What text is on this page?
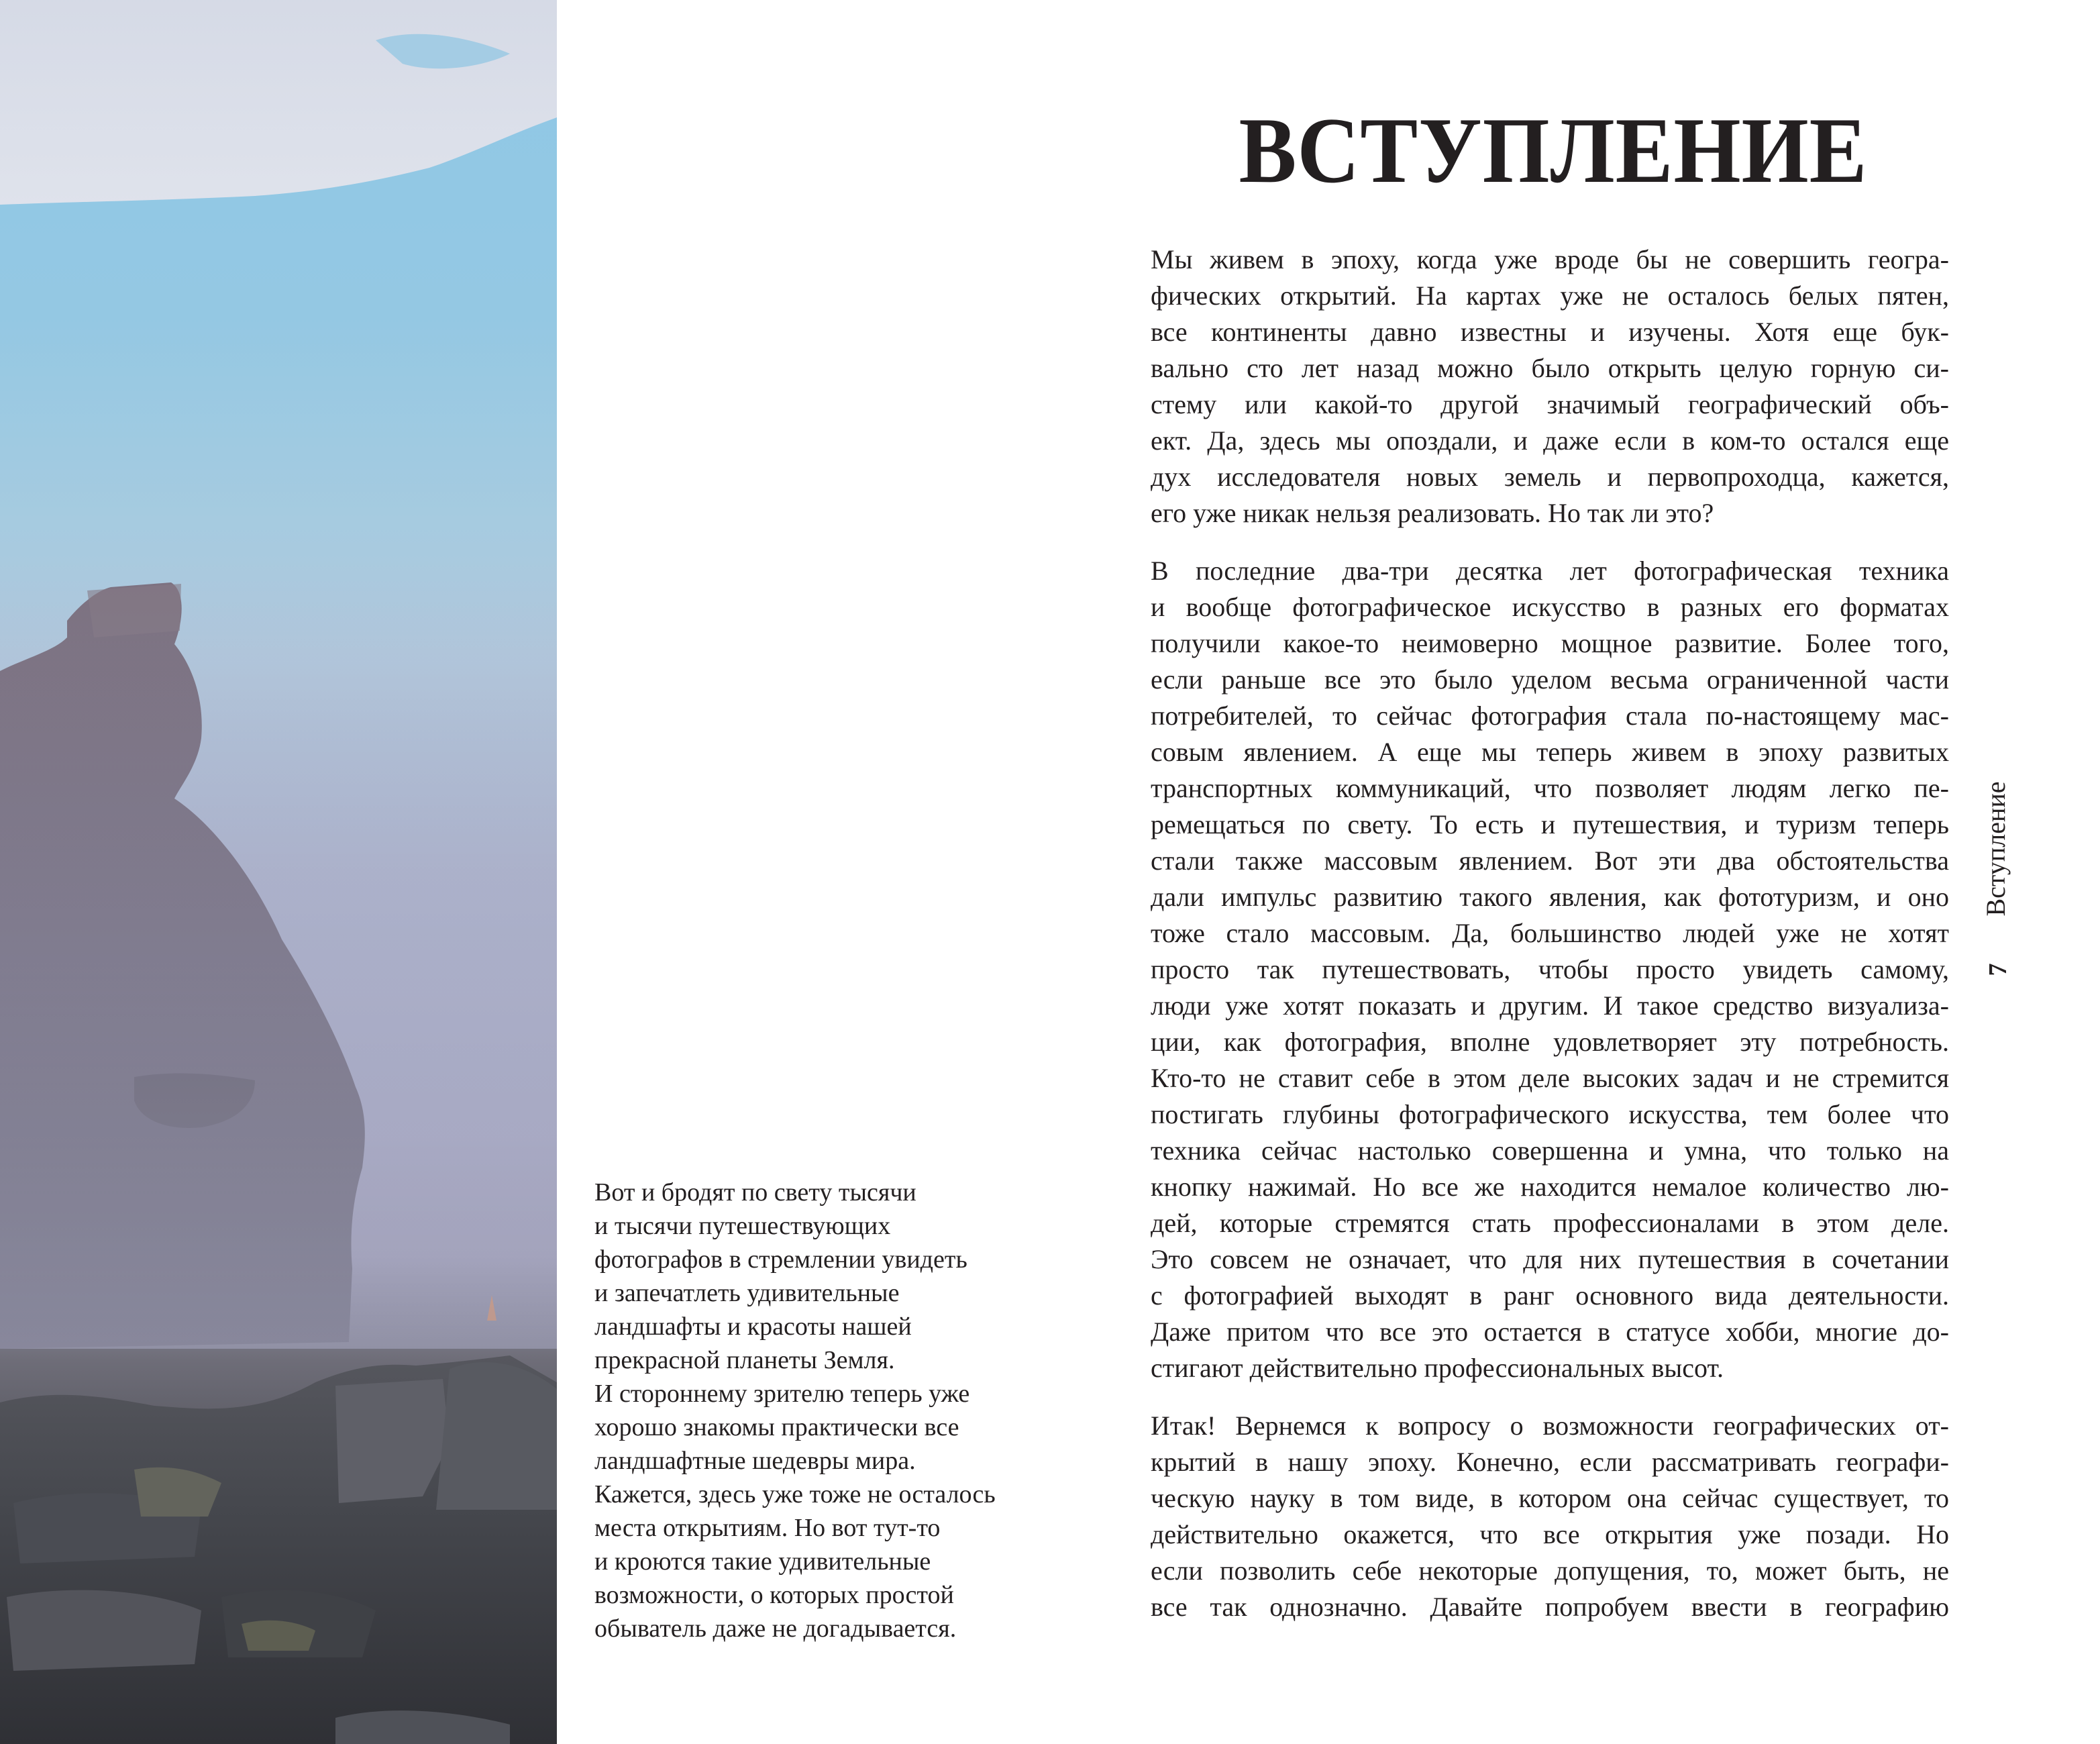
Вот и бродят по свету тысячи
и тысячи путешествующих
фотографов в стремлении увидеть
и запечатлеть удивительные
ландшафты и красоты нашей
прекрасной планеты Земля.
И стороннему зрителю теперь уже
хорошо знакомы практически все
ландшафтные шедевры мира.
Кажется, здесь уже тоже не осталось
места открытиям. Но вот тут-то
и кроются такие удивительные
возможности, о которых простой
обыватель даже не догадывается.
ВСТУПЛЕНИЕ

Мы живем в эпоху, когда уже вроде бы не совершить геогра-
фических открытий. На картах уже не осталось белых пятен,
все континенты давно известны и изучены. Хотя еще бук-
вально сто лет назад можно было открыть целую горную си-
стему или какой-то другой значимый географический объ-
ект. Да, здесь мы опоздали, и даже если в ком-то остался еще
дух исследователя новых земель и первопроходца, кажется,
его уже никак нельзя реализовать. Но так ли это?

В последние два-три десятка лет фотографическая техника
и вообще фотографическое искусство в разных его форматах
получили какое-то неимоверно мощное развитие. Более того,
если раньше все это было уделом весьма ограниченной части
потребителей, то сейчас фотография стала по-настоящему мас-
совым явлением. А еще мы теперь живем в эпоху развитых
транспортных коммуникаций, что позволяет людям легко пе-
ремещаться по свету. То есть и путешествия, и туризм теперь
стали также массовым явлением. Вот эти два обстоятельства
дали импульс развитию такого явления, как фототуризм, и оно
тоже стало массовым. Да, большинство людей уже не хотят
просто так путешествовать, чтобы просто увидеть самому,
люди уже хотят показать и другим. И такое средство визуализа-
ции, как фотография, вполне удовлетворяет эту потребность.
Кто-то не ставит себе в этом деле высоких задач и не стремится
постигать глубины фотографического искусства, тем более что
техника сейчас настолько совершенна и умна, что только на
кнопку нажимай. Но все же находится немалое количество лю-
дей, которые стремятся стать профессионалами в этом деле.
Это совсем не означает, что для них путешествия в сочетании
с фотографией выходят в ранг основного вида деятельности.
Даже притом что все это остается в статусе хобби, многие до-
стигают действительно профессиональных высот.

Итак! Вернемся к вопросу о возможности географических от-
крытий в нашу эпоху. Конечно, если рассматривать географи-
ческую науку в том виде, в котором она сейчас существует, то
действительно окажется, что все открытия уже позади. Но
если позволить себе некоторые допущения, то, может быть, не
все так однозначно. Давайте попробуем ввести в географию

Вступление
7
